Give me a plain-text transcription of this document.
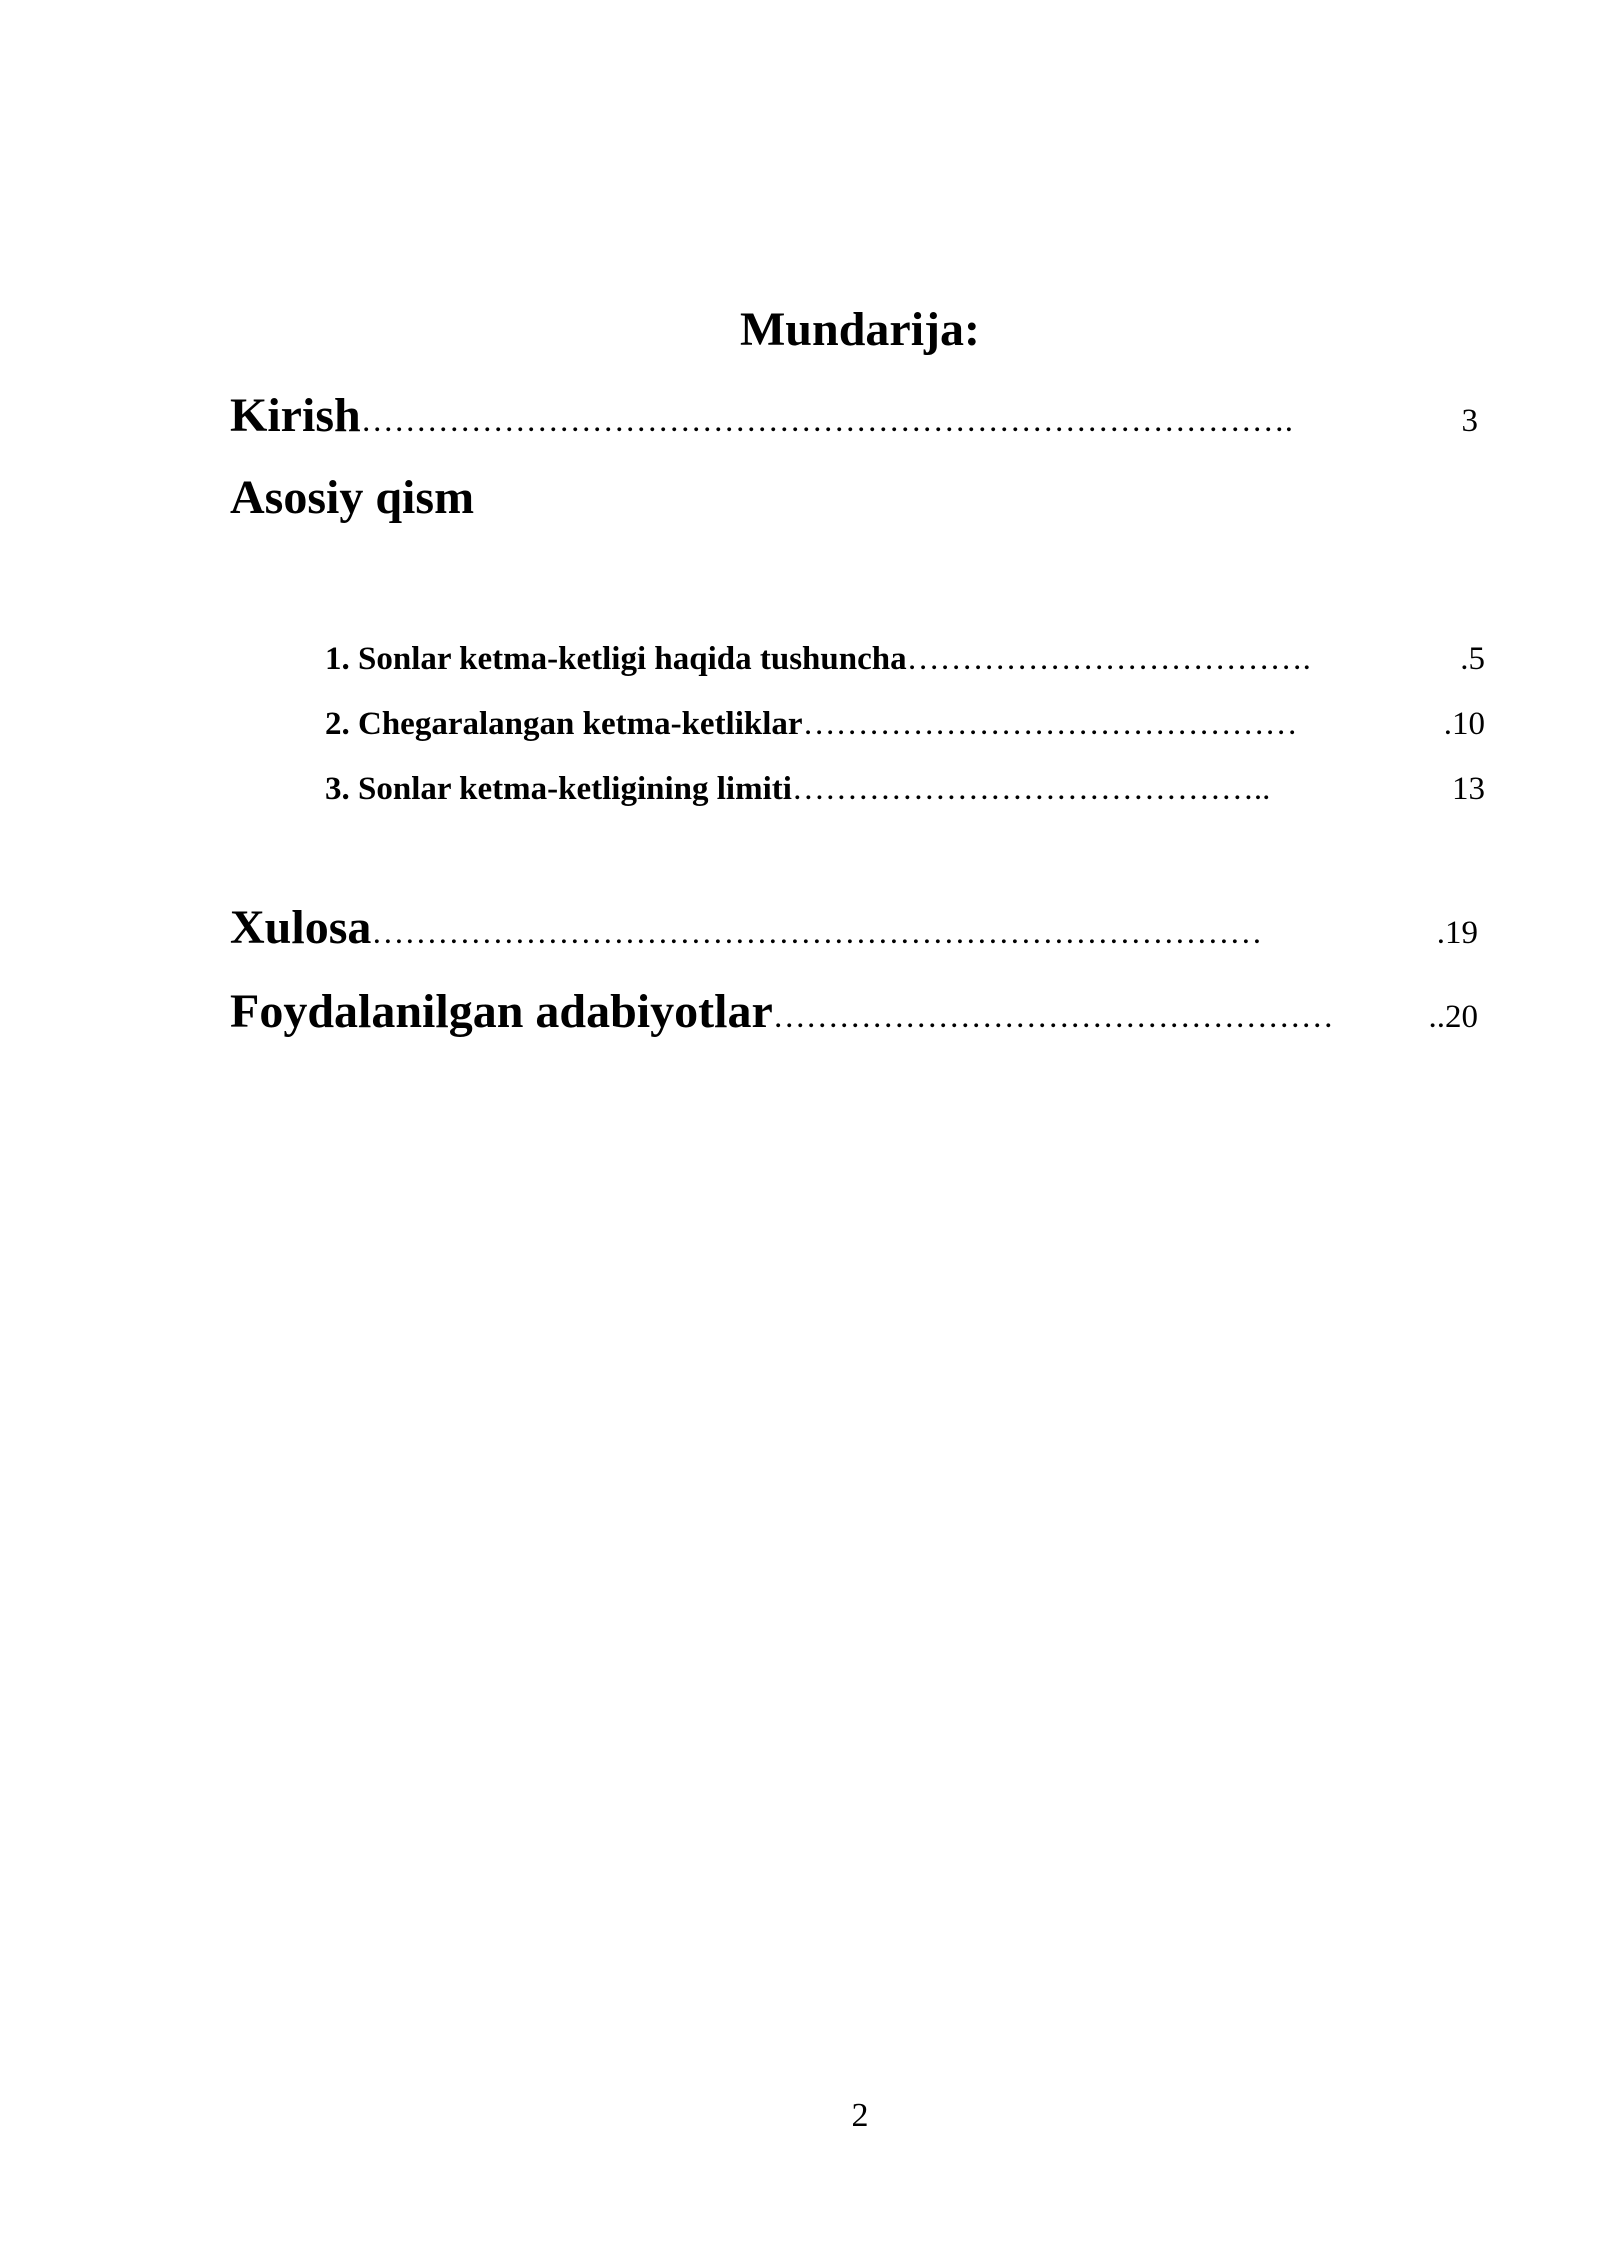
Mundarija:
Kirish ………………………………………………………………………….	3
Asosiy qism
1. Sonlar ketma-ketligi haqida tushuncha ……………………………….	.5
2. Chegaralangan ketma-ketliklar ………………………………………	.10
3. Sonlar ketma-ketligining limiti ……………………………………..	13
Xulosa ………………………………………………………………………	.19
Foydalanilgan adabiyotlar ……………………………………………	..20
2
